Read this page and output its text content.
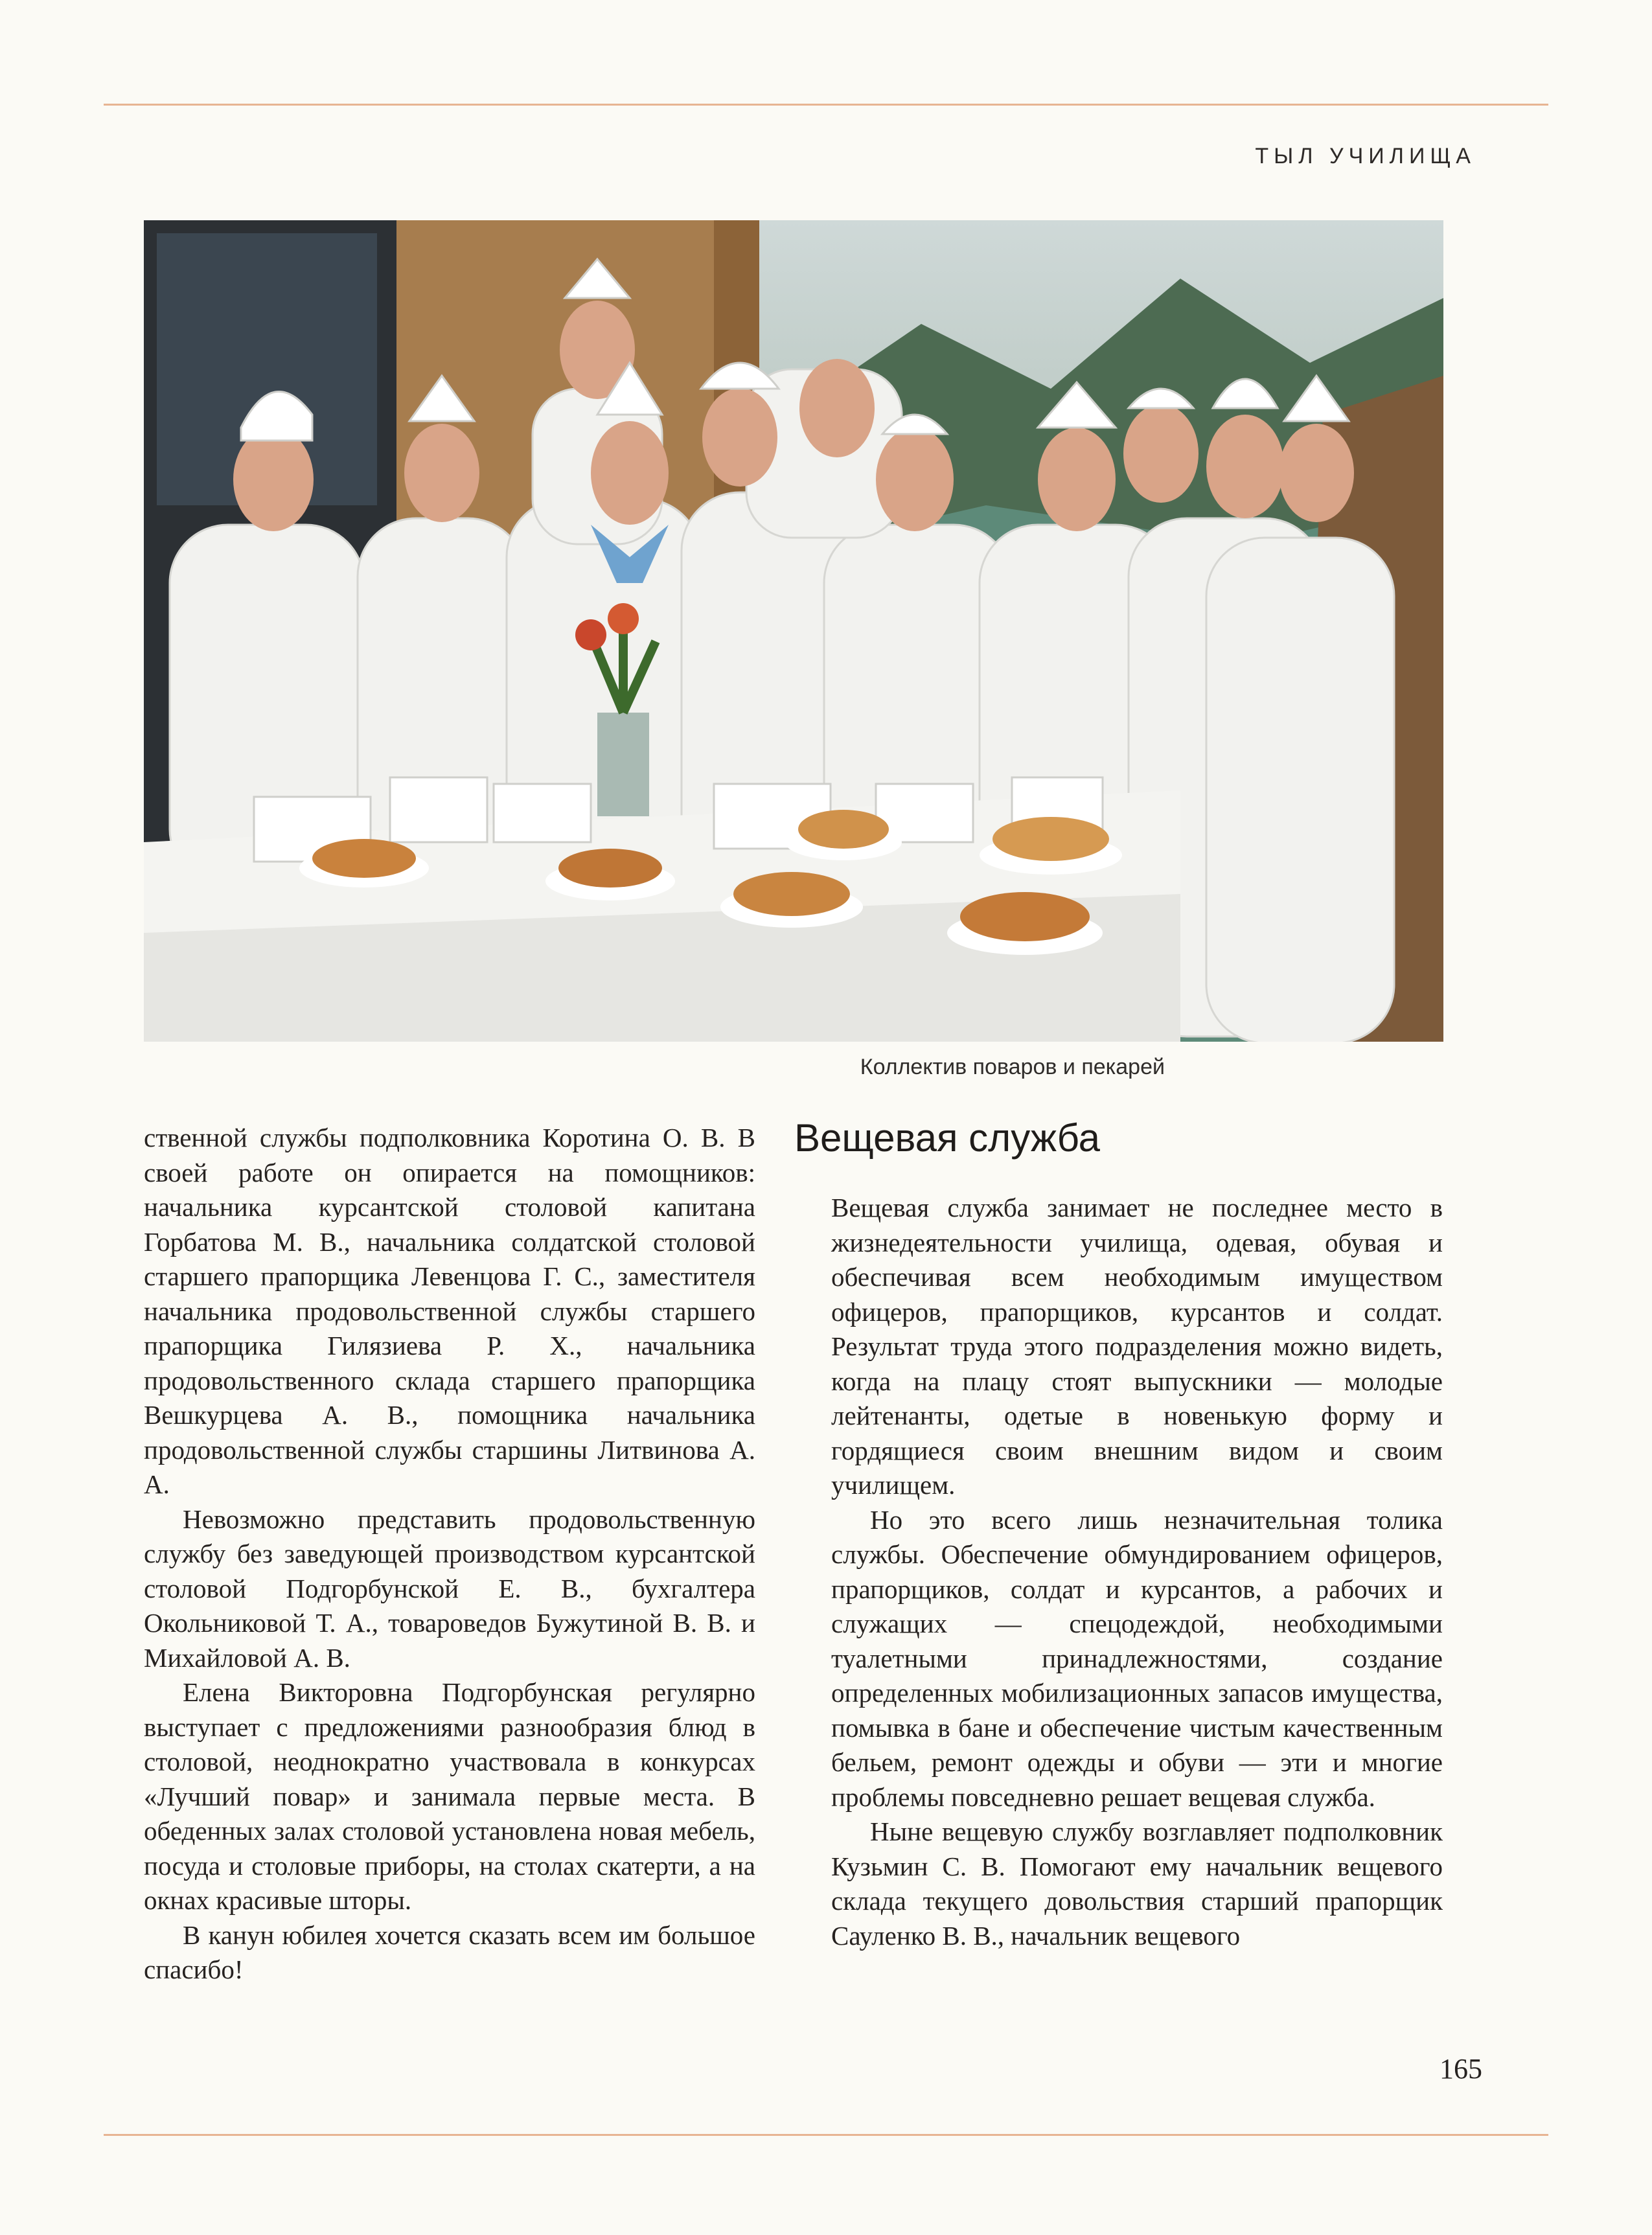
ТЫЛ УЧИЛИЩА
Коллектив поваров и пекарей

ственной службы подполковника Коротина О. В. В своей работе он опирается на помощников: начальника курсантской столовой капитана Горбатова М. В., начальника солдатской столовой старшего прапорщика Левенцова Г. С., заместителя начальника продовольственной службы старшего прапорщика Гилязиева Р. Х., начальника продовольственного склада старшего прапорщика Вешкурцева А. В., помощника начальника продовольственной службы старшины Литвинова А. А.

Невозможно представить продовольственную службу без заведующей производством курсантской столовой Подгорбунской Е. В., бухгалтера Окольниковой Т. А., товароведов Бужутиной В. В. и Михайловой А. В.

Елена Викторовна Подгорбунская регулярно выступает с предложениями разнообразия блюд в столовой, неоднократно участвовала в конкурсах «Лучший повар» и занимала первые места. В обеденных залах столовой установлена новая мебель, посуда и столовые приборы, на столах скатерти, а на окнах красивые шторы.

В канун юбилея хочется сказать всем им большое спасибо!

Вещевая служба

Вещевая служба занимает не последнее место в жизнедеятельности училища, одевая, обувая и обеспечивая всем необходимым имуществом офицеров, прапорщиков, курсантов и солдат. Результат труда этого подразделения можно видеть, когда на плацу стоят выпускники — молодые лейтенанты, одетые в новенькую форму и гордящиеся своим внешним видом и своим училищем.

Но это всего лишь незначительная толика службы. Обеспечение обмундированием офицеров, прапорщиков, солдат и курсантов, а рабочих и служащих — спецодеждой, необходимыми туалетными принадлежностями, создание определенных мобилизационных запасов имущества, помывка в бане и обеспечение чистым качественным бельем, ремонт одежды и обуви — эти и многие проблемы повседневно решает вещевая служба.

Ныне вещевую службу возглавляет подполковник Кузьмин С. В. Помогают ему начальник вещевого склада текущего довольствия старший прапорщик Сауленко В. В., начальник вещевого

165
